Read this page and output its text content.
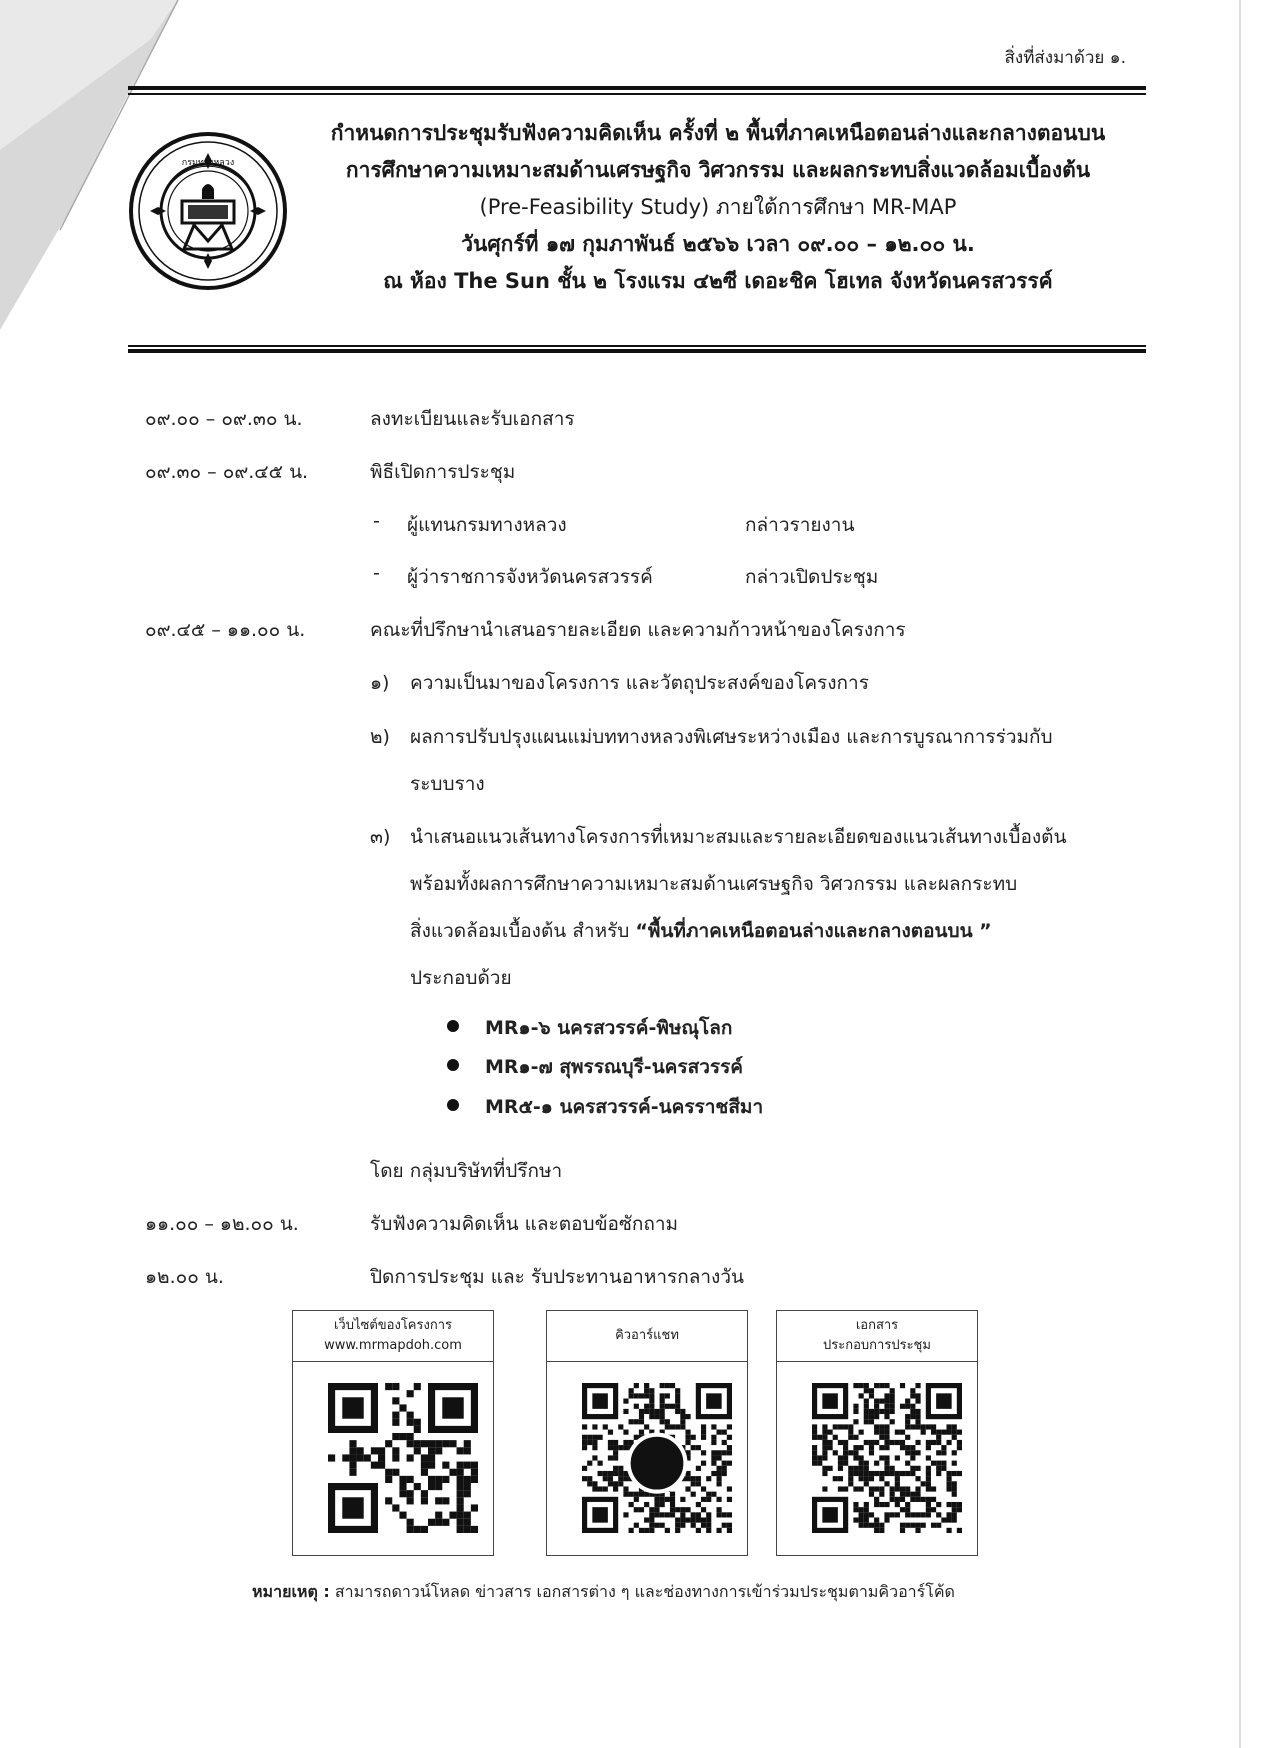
สิ่งที่ส่งมาด้วย ๑.
กรมทางหลวง
กำหนดการประชุมรับฟังความคิดเห็น ครั้งที่ ๒ พื้นที่ภาคเหนือตอนล่างและกลางตอนบน
การศึกษาความเหมาะสมด้านเศรษฐกิจ วิศวกรรม และผลกระทบสิ่งแวดล้อมเบื้องต้น
(Pre-Feasibility Study) ภายใต้การศึกษา MR-MAP
วันศุกร์ที่ ๑๗ กุมภาพันธ์ ๒๕๖๖ เวลา ๐๙.๐๐ – ๑๒.๐๐ น.
ณ ห้อง The Sun ชั้น ๒ โรงแรม ๔๒ซี เดอะชิค โฮเทล จังหวัดนครสวรรค์
๐๙.๐๐ – ๐๙.๓๐ น.	ลงทะเบียนและรับเอกสาร
๐๙.๓๐ – ๐๙.๔๕ น.	พิธีเปิดการประชุม
- ผู้แทนกรมทางหลวง	กล่าวรายงาน
- ผู้ว่าราชการจังหวัดนครสวรรค์	กล่าวเปิดประชุม
๐๙.๔๕ – ๑๑.๐๐ น.	คณะที่ปรึกษานำเสนอรายละเอียด และความก้าวหน้าของโครงการ
๑) ความเป็นมาของโครงการ และวัตถุประสงค์ของโครงการ
๒) ผลการปรับปรุงแผนแม่บททางหลวงพิเศษระหว่างเมือง และการบูรณาการร่วมกับ
ระบบราง
๓) นำเสนอแนวเส้นทางโครงการที่เหมาะสมและรายละเอียดของแนวเส้นทางเบื้องต้น
พร้อมทั้งผลการศึกษาความเหมาะสมด้านเศรษฐกิจ วิศวกรรม และผลกระทบ
สิ่งแวดล้อมเบื้องต้น สำหรับ “พื้นที่ภาคเหนือตอนล่างและกลางตอนบน ”
ประกอบด้วย
MR๑-๖ นครสวรรค์-พิษณุโลก
MR๑-๗ สุพรรณบุรี-นครสวรรค์
MR๕-๑ นครสวรรค์-นครราชสีมา
โดย กลุ่มบริษัทที่ปรึกษา
๑๑.๐๐ – ๑๒.๐๐ น.	รับฟังความคิดเห็น และตอบข้อซักถาม
๑๒.๐๐ น.	ปิดการประชุม และ รับประทานอาหารกลางวัน
เว็บไซต์ของโครงการ
www.mrmapdoh.com
คิวอาร์แชท
เอกสาร
ประกอบการประชุม
หมายเหตุ : สามารถดาวน์โหลด ข่าวสาร เอกสารต่าง ๆ และช่องทางการเข้าร่วมประชุมตามคิวอาร์โค้ด
